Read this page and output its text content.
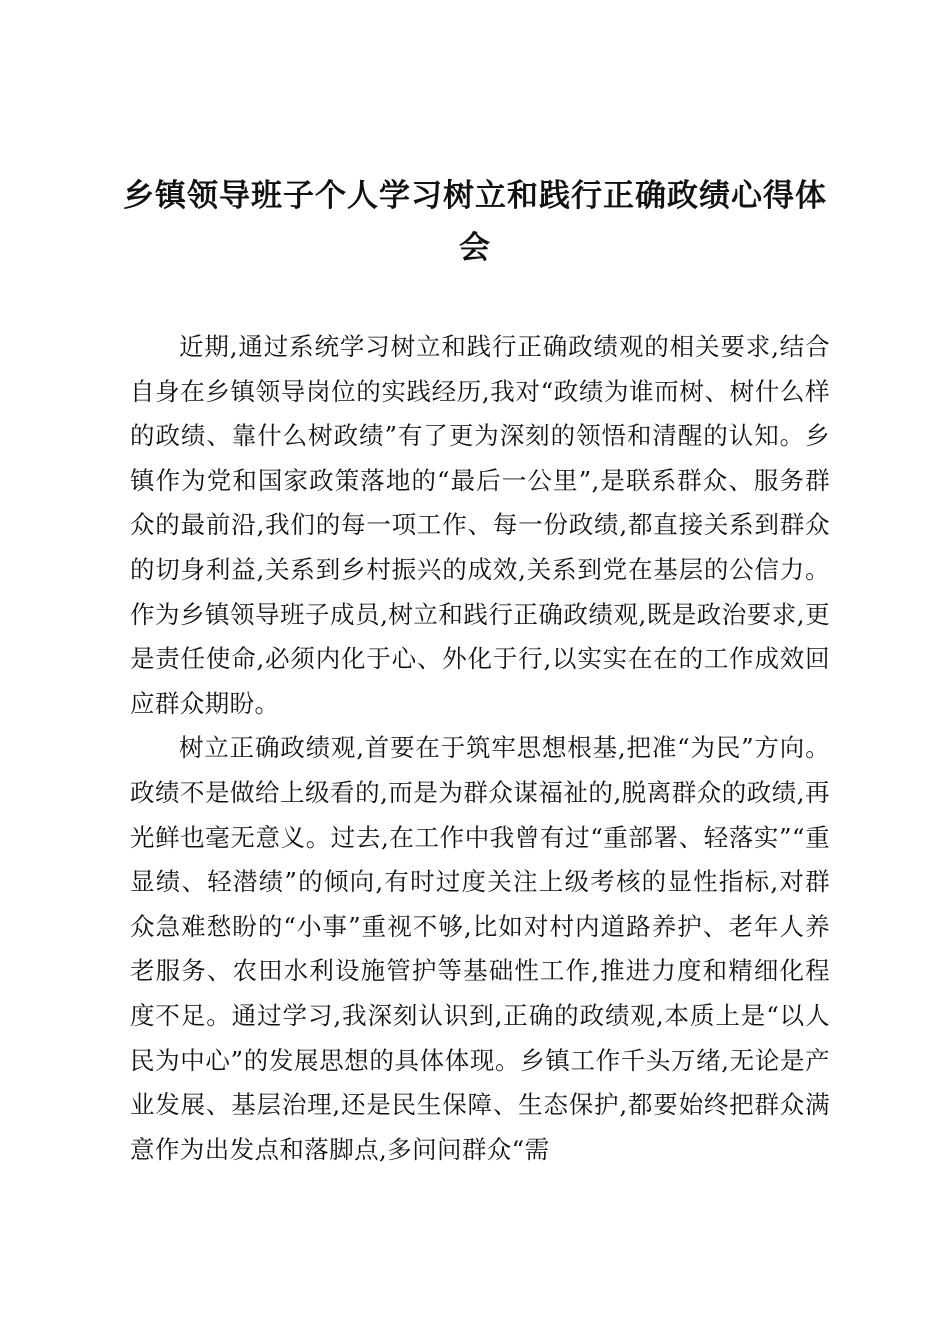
乡镇领导班子个人学习树立和践行正确政绩心得体会

近期,通过系统学习树立和践行正确政绩观的相关要求,结合自身在乡镇领导岗位的实践经历,我对“政绩为谁而树、树什么样的政绩、靠什么树政绩”有了更为深刻的领悟和清醒的认知。乡镇作为党和国家政策落地的“最后一公里”,是联系群众、服务群众的最前沿,我们的每一项工作、每一份政绩,都直接关系到群众的切身利益,关系到乡村振兴的成效,关系到党在基层的公信力。作为乡镇领导班子成员,树立和践行正确政绩观,既是政治要求,更是责任使命,必须内化于心、外化于行,以实实在在的工作成效回应群众期盼。

树立正确政绩观,首要在于筑牢思想根基,把准“为民”方向。政绩不是做给上级看的,而是为群众谋福祉的,脱离群众的政绩,再光鲜也毫无意义。过去,在工作中我曾有过“重部署、轻落实”“重显绩、轻潜绩”的倾向,有时过度关注上级考核的显性指标,对群众急难愁盼的“小事”重视不够,比如对村内道路养护、老年人养老服务、农田水利设施管护等基础性工作,推进力度和精细化程度不足。通过学习,我深刻认识到,正确的政绩观,本质上是“以人民为中心”的发展思想的具体体现。乡镇工作千头万绪,无论是产业发展、基层治理,还是民生保障、生态保护,都要始终把群众满意作为出发点和落脚点,多问问群众“需
